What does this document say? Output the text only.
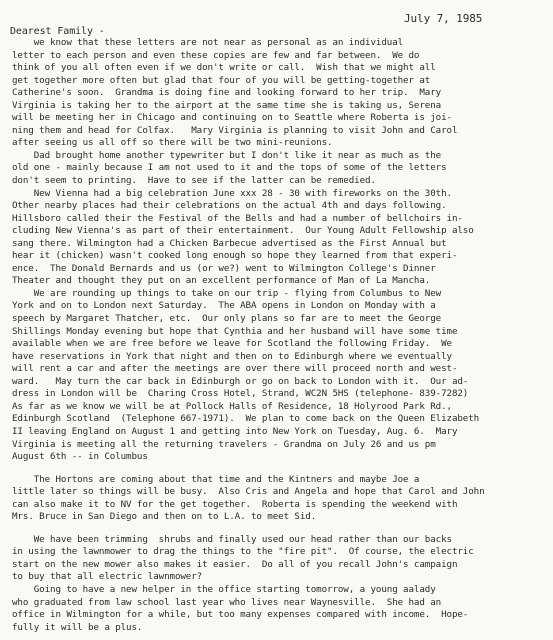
July 7, 1985
Dearest Family -
we know that these letters are not near as personal as an individual
letter to each person and even these copies are few and far between.  We do
think of you all often even if we don't write or call.  Wish that we might all
get together more often but glad that four of you will be getting-together at
Catherine's soon.  Grandma is doing fine and looking forward to her trip.  Mary
Virginia is taking her to the airport at the same time she is taking us, Serena
will be meeting her in Chicago and continuing on to Seattle where Roberta is joi-
ning them and head for Colfax.   Mary Virginia is planning to visit John and Carol
after seeing us all off so there will be two mini-reunions.
Dad brought home another typewriter but I don't like it near as much as the
old one - mainly because I am not used to it and the tops of some of the letters
don't seem to printing.  Have to see if the latter can be remedied.
New Vienna had a big celebration June xxx 28 - 30 with fireworks on the 30th.
Other nearby places had their celebrations on the actual 4th and days following.
Hillsboro called their the Festival of the Bells and had a number of bellchoirs in-
cluding New Vienna's as part of their entertainment.  Our Young Adult Fellowship also
sang there. Wilmington had a Chicken Barbecue advertised as the First Annual but
hear it (chicken) wasn't cooked long enough so hope they learned from that experi-
ence.  The Donald Bernards and us (or we?) went to Wilmington College's Dinner
Theater and thought they put on an excellent performance of Man of La Mancha.
We are rounding up things to take on our trip - flying from Columbus to New
York and on to London next Saturday.  The ABA opens in London on Monday with a
speech by Margaret Thatcher, etc.  Our only plans so far are to meet the George
Shillings Monday evening but hope that Cynthia and her husband will have some time
available when we are free before we leave for Scotland the following Friday.  We
have reservations in York that night and then on to Edinburgh where we eventually
will rent a car and after the meetings are over there will proceed north and west-
ward.   May turn the car back in Edinburgh or go on back to London with it.  Our ad-
dress in London will be  Charing Cross Hotel, Strand, WC2N 5HS (telephone- 839-7282)
As far as we know we will be at Pollock Halls of Residence, 18 Holyrood Park Rd.,
Edinburgh Scotland  (Telephone 667-1971).  We plan to come back on the Queen Elizabeth
II leaving England on August 1 and getting into New York on Tuesday, Aug. 6.  Mary
Virginia is meeting all the returning travelers - Grandma on July 26 and us pm
August 6th -- in Columbus
The Hortons are coming about that time and the Kintners and maybe Joe a
little later so things will be busy.  Also Cris and Angela and hope that Carol and John
can also make it to NV for the get together.  Roberta is spending the weekend with
Mrs. Bruce in San Diego and then on to L.A. to meet Sid.
We have been trimming  shrubs and finally used our head rather than our backs
in using the lawnmower to drag the things to the "fire pit".  Of course, the electric
start on the new mower also makes it easier.  Do all of you recall John's campaign
to buy that all electric lawnmower?
Going to have a new helper in the office starting tomorrow, a young aalady
who graduated from law school last year who lives near Waynesville.  She had an
office in Wilmington for a while, but too many expenses compared with income.  Hope-
fully it will be a plus.
